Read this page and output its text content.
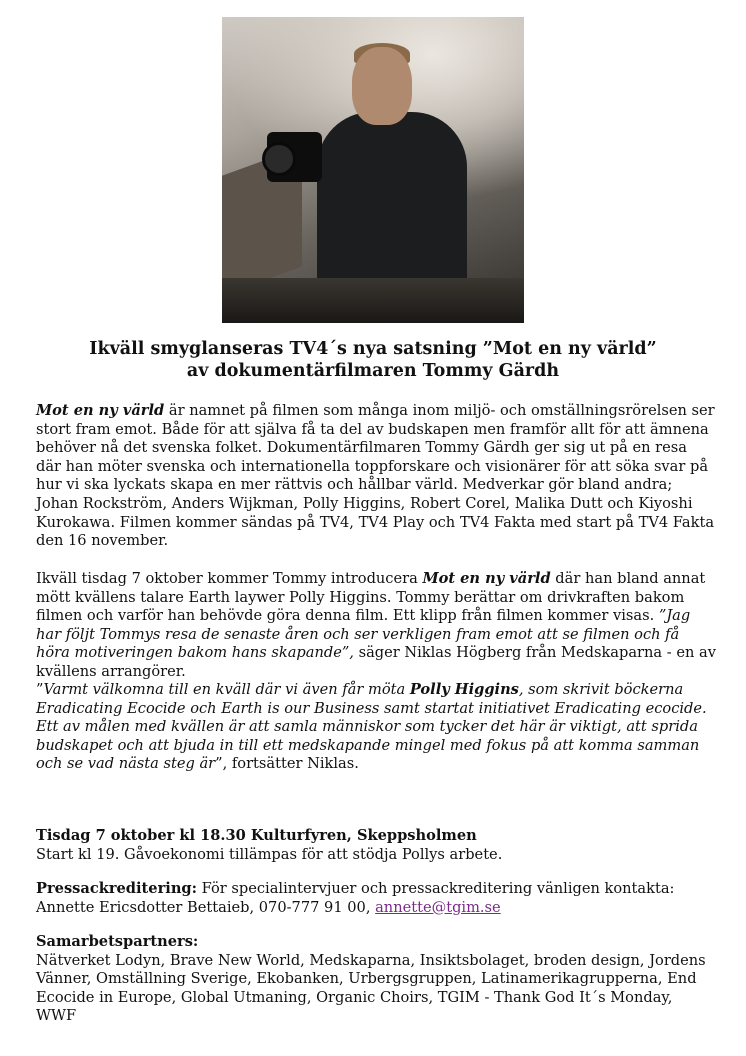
Ikväll smyglanseras TV4´s nya satsning ”Mot en ny värld”
av dokumentärfilmaren Tommy Gärdh

Mot en ny värld är namnet på filmen som många inom miljö- och omställningsrörelsen ser stort fram emot. Både för att själva få ta del av budskapen men framför allt för att ämnena behöver nå det svenska folket. Dokumentärfilmaren Tommy Gärdh ger sig ut på en resa där han möter svenska och internationella toppforskare och visionärer för att söka svar på hur vi ska lyckats skapa en mer rättvis och hållbar värld. Medverkar gör bland andra; Johan Rockström, Anders Wijkman, Polly Higgins, Robert Corel, Malika Dutt och Kiyoshi Kurokawa. Filmen kommer sändas på TV4, TV4 Play och TV4 Fakta med start på TV4 Fakta den 16 november.

Ikväll tisdag 7 oktober kommer Tommy introducera Mot en ny värld där han bland annat mött kvällens talare Earth laywer Polly Higgins. Tommy berättar om drivkraften bakom filmen och varför han behövde göra denna film. Ett klipp från filmen kommer visas. ”Jag har följt Tommys resa de senaste åren och ser verkligen fram emot att se filmen och få höra motiveringen bakom hans skapande”, säger Niklas Högberg från Medskaparna - en av kvällens arrangörer.

”Varmt välkomna till en kväll där vi även får möta Polly Higgins, som skrivit böckerna Eradicating Ecocide och Earth is our Business samt startat initiativet Eradicating ecocide. Ett av målen med kvällen är att samla människor som tycker det här är viktigt, att sprida budskapet och att bjuda in till ett medskapande mingel med fokus på att komma samman och se vad nästa steg är”, fortsätter Niklas.

Tisdag 7 oktober kl 18.30 Kulturfyren, Skeppsholmen
Start kl 19. Gåvoekonomi tillämpas för att stödja Pollys arbete.

Pressackreditering: För specialintervjuer och pressackreditering vänligen kontakta: Annette Ericsdotter Bettaieb, 070-777 91 00, annette@tgim.se

Samarbetspartners:
Nätverket Lodyn, Brave New World, Medskaparna, Insiktsbolaget, broden design, Jordens Vänner, Omställning Sverige, Ekobanken, Urbergsgruppen, Latinamerikagrupperna, End Ecocide in Europe, Global Utmaning, Organic Choirs, TGIM - Thank God It´s Monday, WWF
